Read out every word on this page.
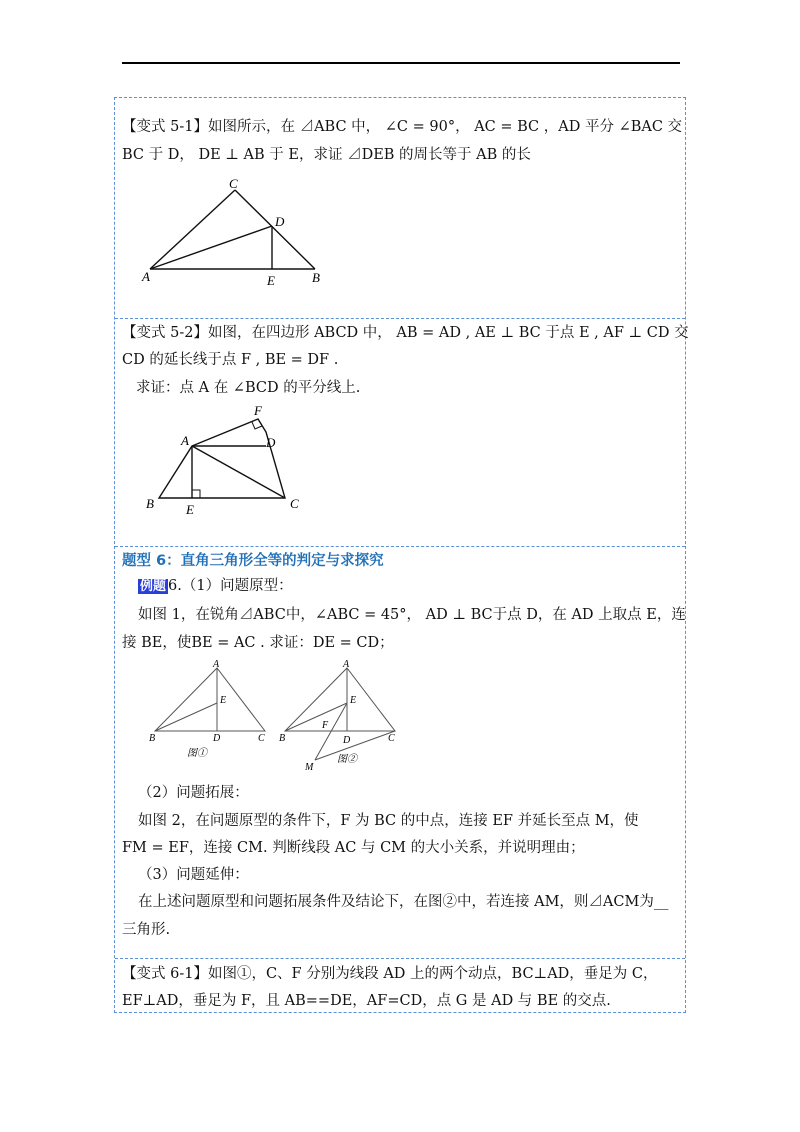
【变式 5-1】如图所示，在 ⊿ABC 中， ∠C = 90°， AC = BC ，AD 平分 ∠BAC 交
BC 于 D， DE ⊥ AB 于 E，求证 ⊿DEB 的周长等于 AB 的长
C
D
A	E	B
【变式 5-2】如图，在四边形 ABCD 中， AB = AD , AE ⊥ BC 于点 E , AF ⊥ CD 交
CD 的延长线于点 F , BE = DF .
求证：点 A 在 ∠BCD 的平分线上.
F
A	D
B E	C
题型 6：直角三角形全等的判定与求探究
例题 6.（1）问题原型：
如图 1，在锐角⊿ABC中，∠ABC = 45°， AD ⊥ BC于点 D，在 AD 上取点 E，连
接 BE，使BE = AC . 求证：DE = CD；
A
E
B	D	C
图①
A
E
F
B	D	C
M
图②
（2）问题拓展：
如图 2，在问题原型的条件下，F 为 BC 的中点，连接 EF 并延长至点 M，使
FM = EF，连接 CM. 判断线段 AC 与 CM 的大小关系，并说明理由；
（3）问题延伸：
在上述问题原型和问题拓展条件及结论下，在图②中，若连接 AM，则⊿ACM为__
三角形.
【变式 6-1】如图①，C、F 分别为线段 AD 上的两个动点，BC⊥AD，垂足为 C，
EF⊥AD，垂足为 F，且 AB==DE，AF=CD，点 G 是 AD 与 BE 的交点.
